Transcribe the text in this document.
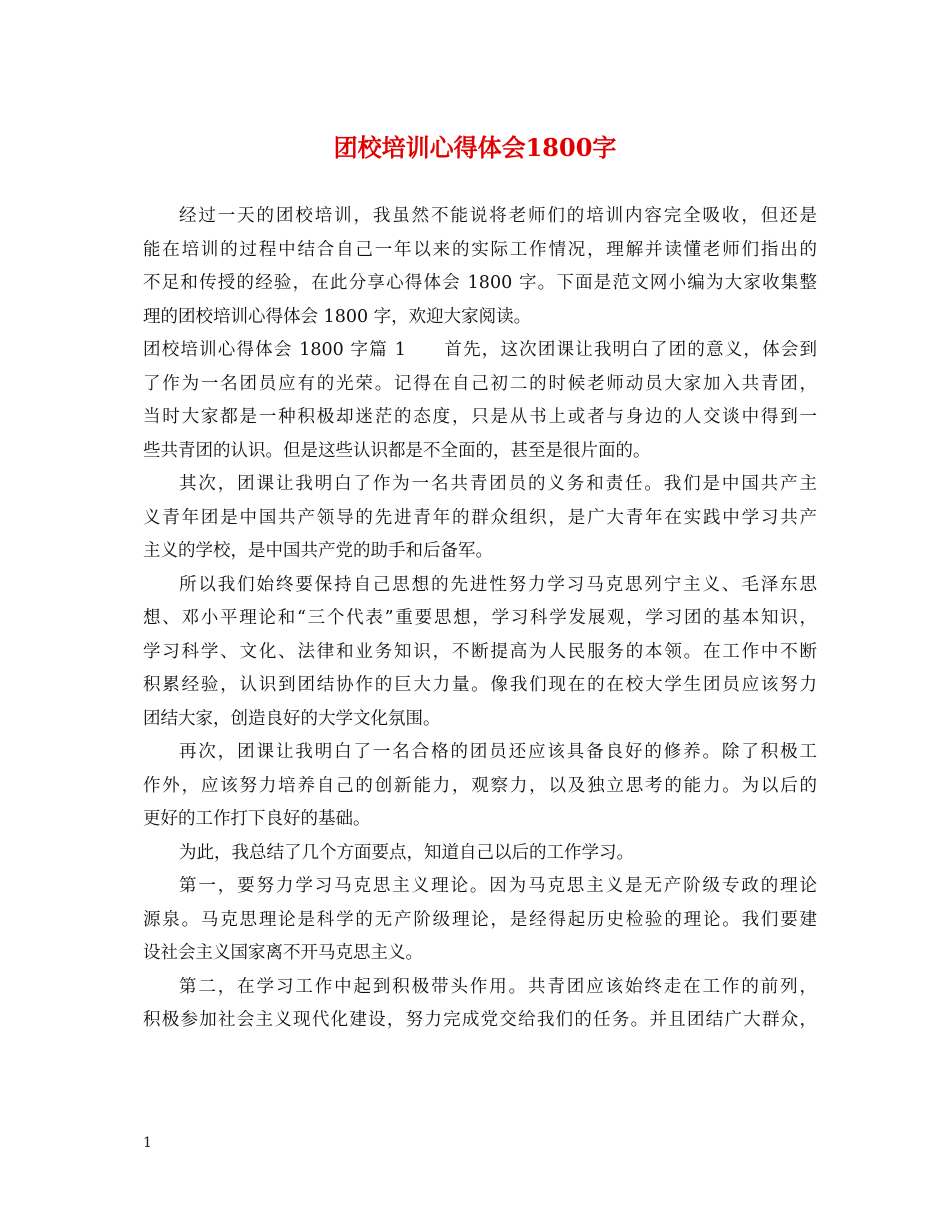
团校培训心得体会1800字
经过一天的团校培训，我虽然不能说将老师们的培训内容完全吸收，但还是
能在培训的过程中结合自己一年以来的实际工作情况，理解并读懂老师们指出的
不足和传授的经验，在此分享心得体会 1800 字。下面是范文网小编为大家收集整
理的团校培训心得体会 1800 字，欢迎大家阅读。
团校培训心得体会 1800 字篇 1　　首先，这次团课让我明白了团的意义，体会到
了作为一名团员应有的光荣。记得在自己初二的时候老师动员大家加入共青团，
当时大家都是一种积极却迷茫的态度，只是从书上或者与身边的人交谈中得到一
些共青团的认识。但是这些认识都是不全面的，甚至是很片面的。
其次，团课让我明白了作为一名共青团员的义务和责任。我们是中国共产主
义青年团是中国共产领导的先进青年的群众组织，是广大青年在实践中学习共产
主义的学校，是中国共产党的助手和后备军。
所以我们始终要保持自己思想的先进性努力学习马克思列宁主义、毛泽东思
想、邓小平理论和“三个代表”重要思想，学习科学发展观，学习团的基本知识，
学习科学、文化、法律和业务知识，不断提高为人民服务的本领。在工作中不断
积累经验，认识到团结协作的巨大力量。像我们现在的在校大学生团员应该努力
团结大家，创造良好的大学文化氛围。
再次，团课让我明白了一名合格的团员还应该具备良好的修养。除了积极工
作外，应该努力培养自己的创新能力，观察力，以及独立思考的能力。为以后的
更好的工作打下良好的基础。
为此，我总结了几个方面要点，知道自己以后的工作学习。
第一，要努力学习马克思主义理论。因为马克思主义是无产阶级专政的理论
源泉。马克思理论是科学的无产阶级理论，是经得起历史检验的理论。我们要建
设社会主义国家离不开马克思主义。
第二，在学习工作中起到积极带头作用。共青团应该始终走在工作的前列，
积极参加社会主义现代化建设，努力完成党交给我们的任务。并且团结广大群众，
1
